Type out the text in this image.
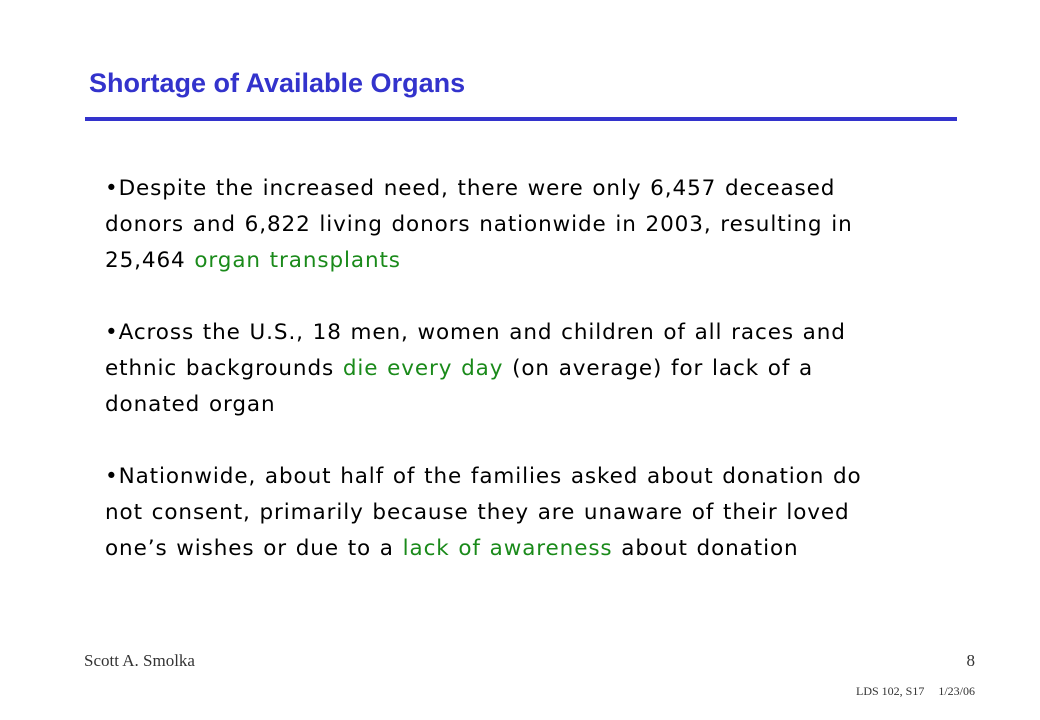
Shortage of Available Organs

•Despite the increased need, there were only 6,457 deceased donors and 6,822 living donors nationwide in 2003, resulting in 25,464 organ transplants

•Across the U.S., 18 men, women and children of all races and ethnic backgrounds die every day (on average) for lack of a donated organ

•Nationwide, about half of the families asked about donation do not consent, primarily because they are unaware of their loved one’s wishes or due to a lack of awareness about donation

Scott A. Smolka	8
LDS 102, S17 1/23/06
